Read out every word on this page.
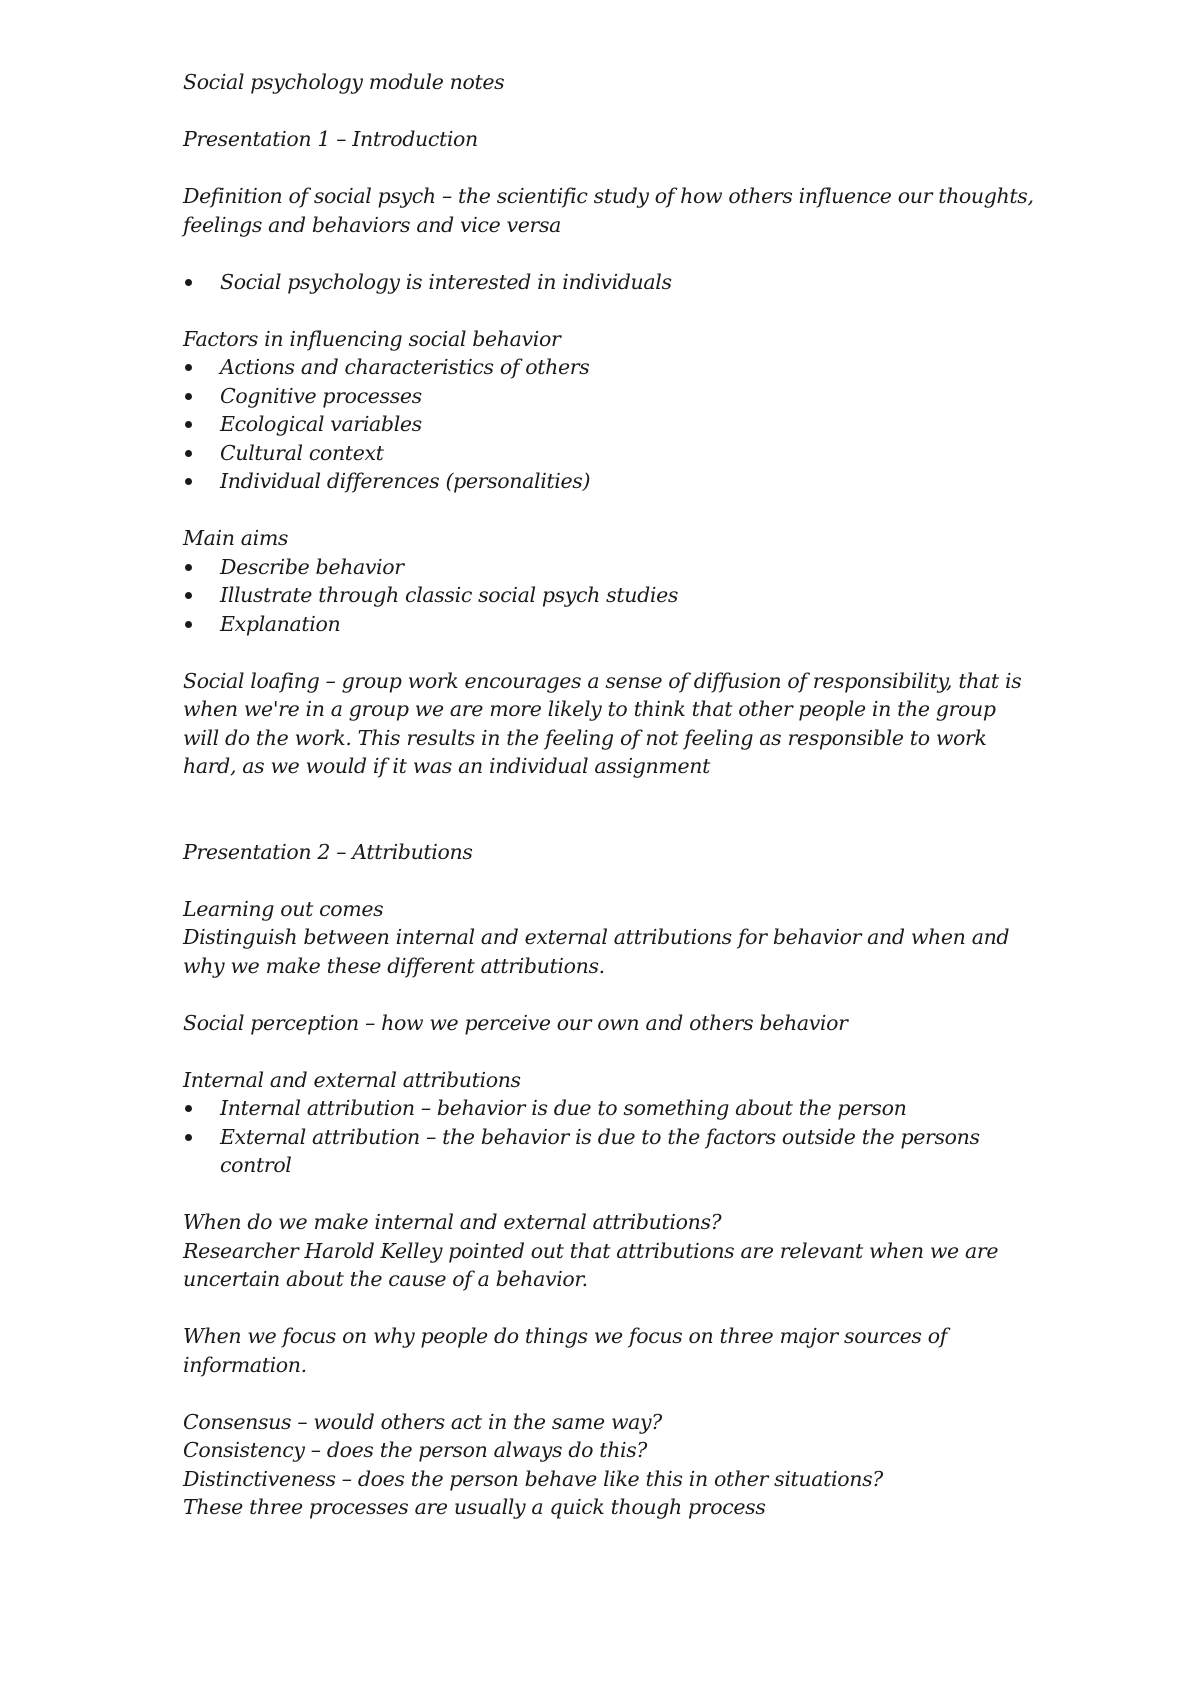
Social psychology module notes

Presentation 1 – Introduction

Definition of social psych – the scientific study of how others influence our thoughts,

feelings and behaviors and vice versa

Social psychology is interested in individuals

Factors in influencing social behavior

Actions and characteristics of others
Cognitive processes
Ecological variables
Cultural context
Individual differences (personalities)

Main aims

Describe behavior
Illustrate through classic social psych studies
Explanation

Social loafing – group work encourages a sense of diffusion of responsibility, that is

when we're in a group we are more likely to think that other people in the group

will do the work. This results in the feeling of not feeling as responsible to work

hard, as we would if it was an individual assignment

Presentation 2 – Attributions

Learning out comes

Distinguish between internal and external attributions for behavior and when and

why we make these different attributions.

Social perception – how we perceive our own and others behavior

Internal and external attributions

Internal attribution – behavior is due to something about the person
External attribution – the behavior is due to the factors outside the persons
control

When do we make internal and external attributions?

Researcher Harold Kelley pointed out that attributions are relevant when we are

uncertain about the cause of a behavior.

When we focus on why people do things we focus on three major sources of

information.

Consensus – would others act in the same way?

Consistency – does the person always do this?

Distinctiveness – does the person behave like this in other situations?

These three processes are usually a quick though process
